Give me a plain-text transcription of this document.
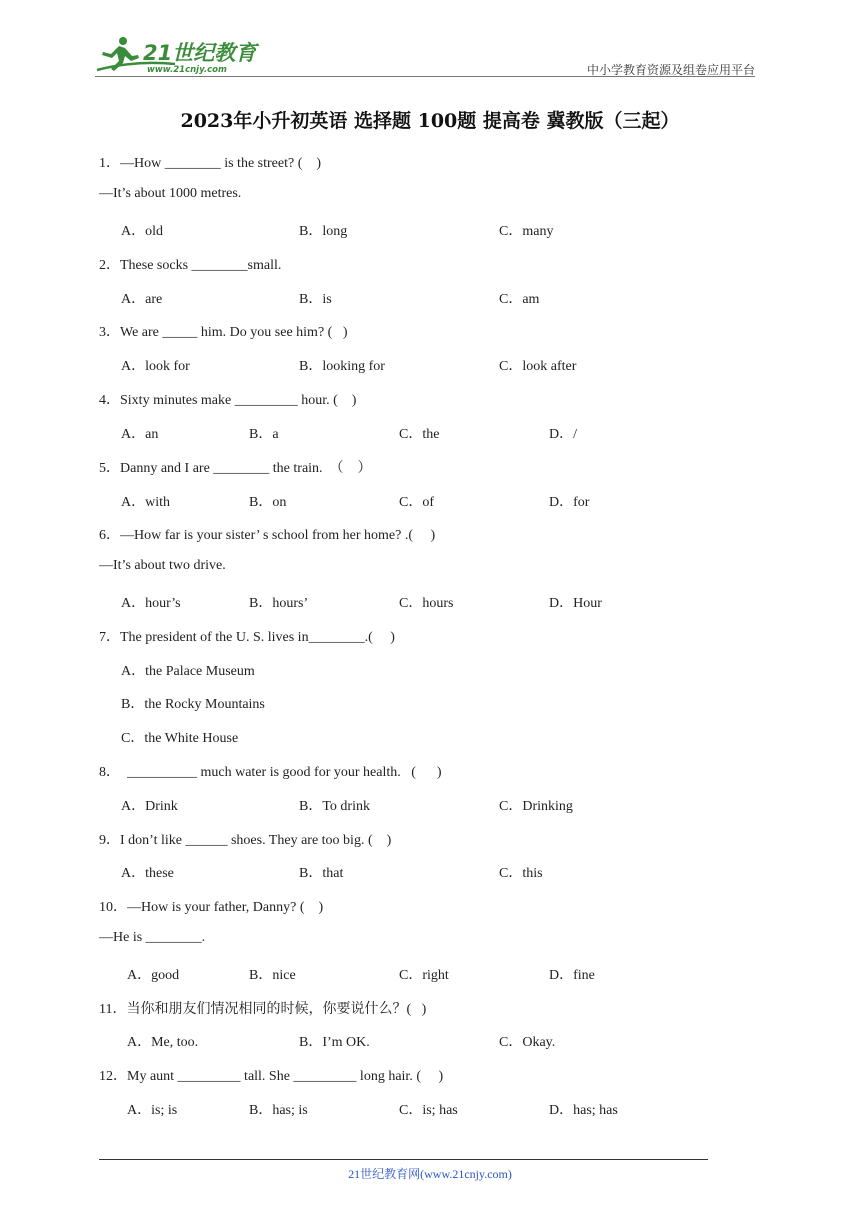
21世纪教育
www.21cnjy.com	中小学教育资源及组卷应用平台
2023年小升初英语 选择题 100题 提高卷 冀教版（三起）
1．—How ________ is the street? (    )
—It’s about 1000 metres.
A．old	B．long	C．many
2．These socks ________small.
A．are	B．is	C．am
3．We are _____ him. Do you see him? (   )
A．look for	B．looking for	C．look after
4．Sixty minutes make _________ hour. (    )
A．an	B．a	C．the	D．/
5．Danny and I are ________ the train.  （    ）
A．with	B．on	C．of	D．for
6．—How far is your sister’ s school from her home? .(     )
—It’s about two drive.
A．hour’s	B．hours’	C．hours	D．Hour
7．The president of the U. S. lives in________.(     )
A．the Palace Museum
B．the Rocky Mountains
C．the White House
8．  __________ much water is good for your health.   (      )
A．Drink	B．To drink	C．Drinking
9．I don’t like ______ shoes. They are too big. (    )
A．these	B．that	C．this
10．—How is your father, Danny? (    )
—He is ________.
A．good	B．nice	C．right	D．fine
11．当你和朋友们情况相同的时候，你要说什么？(   )
A．Me, too.	B．I’m OK.	C．Okay.
12．My aunt _________ tall. She _________ long hair. (     )
A．is; is	B．has; is	C．is; has	D．has; has
21世纪教育网(www.21cnjy.com)
